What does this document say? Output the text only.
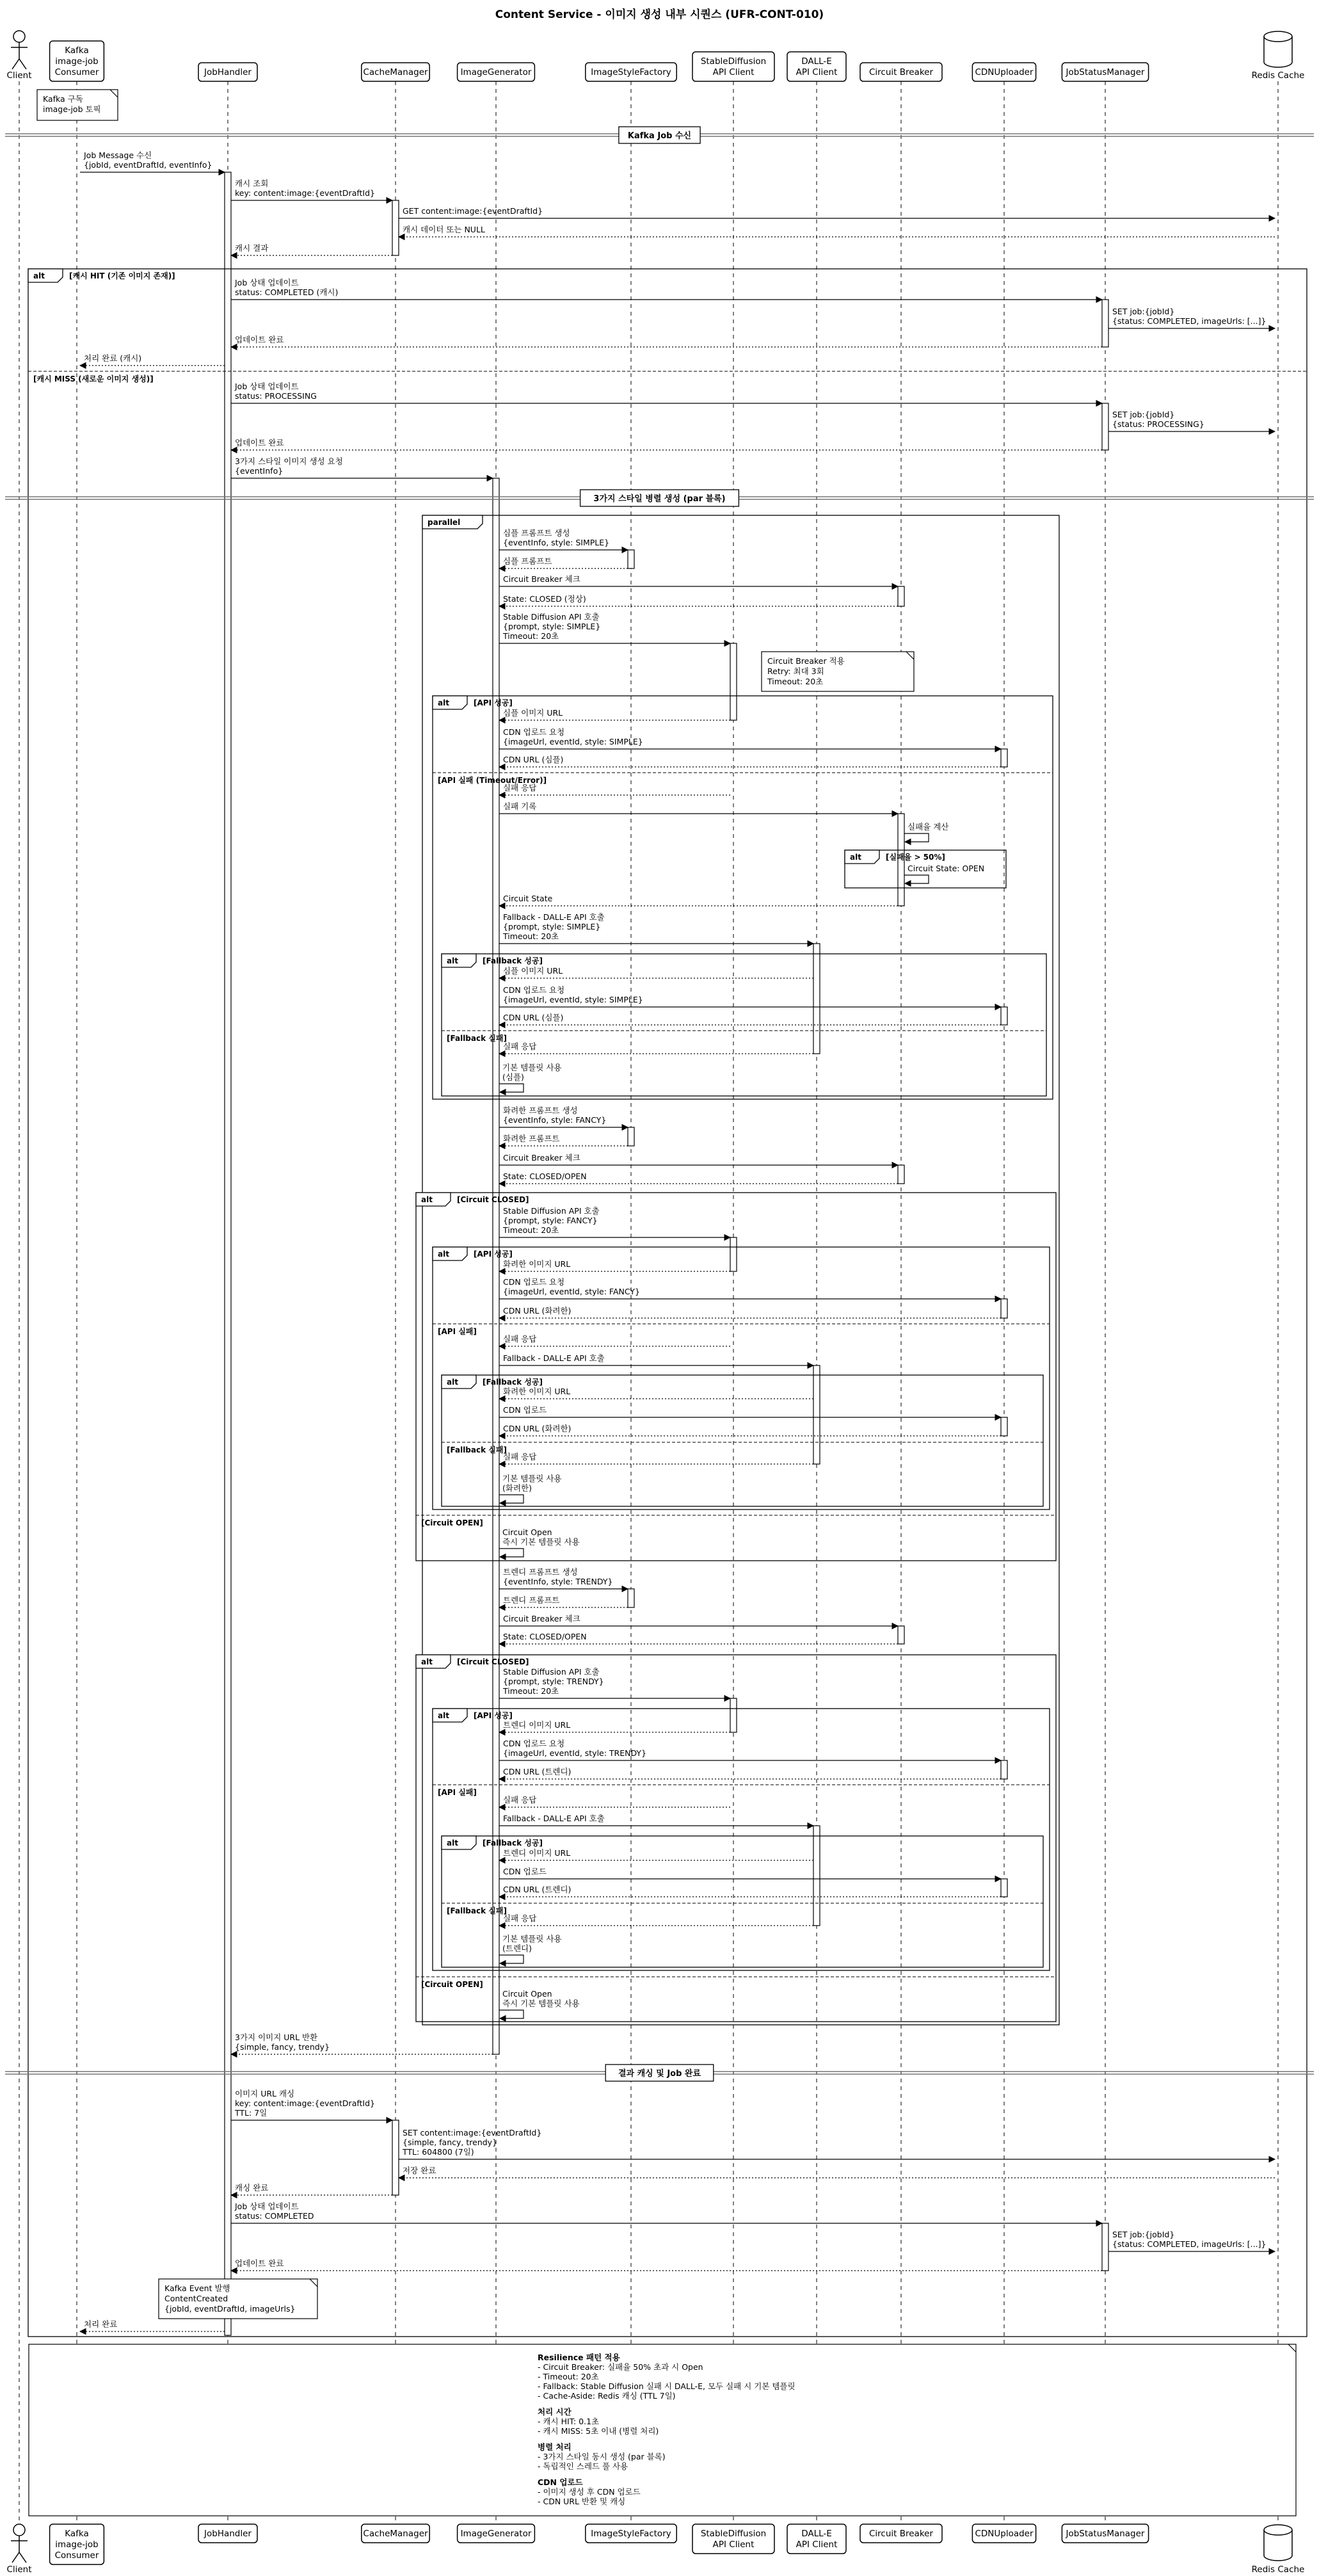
Content Service - 이미지 생성 내부 시퀀스 (UFR-CONT-010)
alt	[캐시 HIT (기존 이미지 존재)]
[캐시 MISS (새로운 이미지 생성)]
parallel
alt	[API 성공]
[API 실패 (Timeout/Error)]
alt	[실패율 > 50%]
alt	[Fallback 성공]
[Fallback 실패]
alt	[Circuit CLOSED]
[Circuit OPEN]
alt	[API 성공]
[API 실패]
alt	[Fallback 성공]
[Fallback 실패]
alt	[Circuit CLOSED]
[Circuit OPEN]
alt	[API 성공]
[API 실패]
alt	[Fallback 성공]
[Fallback 실패]
Job Message 수신
{jobId, eventDraftId, eventInfo}
캐시 조회
key: content:image:{eventDraftId}
GET content:image:{eventDraftId}
캐시 데이터 또는 NULL
캐시 결과
Job 상태 업데이트
status: COMPLETED (캐시)
SET job:{jobId}
{status: COMPLETED, imageUrls: [...]}
업데이트 완료
처리 완료 (캐시)
Job 상태 업데이트
status: PROCESSING
SET job:{jobId}
{status: PROCESSING}
업데이트 완료
3가지 스타일 이미지 생성 요청
{eventInfo}
심플 프롬프트 생성
{eventInfo, style: SIMPLE}
심플 프롬프트
Circuit Breaker 체크
State: CLOSED (정상)
Stable Diffusion API 호출
{prompt, style: SIMPLE}
Timeout: 20초
심플 이미지 URL
CDN 업로드 요청
{imageUrl, eventId, style: SIMPLE}
CDN URL (심플)
실패 응답
실패 기록
실패율 계산
Circuit State: OPEN
Circuit State
Fallback - DALL-E API 호출
{prompt, style: SIMPLE}
Timeout: 20초
심플 이미지 URL
CDN 업로드 요청
{imageUrl, eventId, style: SIMPLE}
CDN URL (심플)
실패 응답
기본 템플릿 사용
(심플)
화려한 프롬프트 생성
{eventInfo, style: FANCY}
화려한 프롬프트
Circuit Breaker 체크
State: CLOSED/OPEN
Stable Diffusion API 호출
{prompt, style: FANCY}
Timeout: 20초
화려한 이미지 URL
CDN 업로드 요청
{imageUrl, eventId, style: FANCY}
CDN URL (화려한)
실패 응답
Fallback - DALL-E API 호출
화려한 이미지 URL
CDN 업로드
CDN URL (화려한)
실패 응답
기본 템플릿 사용
(화려한)
Circuit Open
즉시 기본 템플릿 사용
트렌디 프롬프트 생성
{eventInfo, style: TRENDY}
트렌디 프롬프트
Circuit Breaker 체크
State: CLOSED/OPEN
Stable Diffusion API 호출
{prompt, style: TRENDY}
Timeout: 20초
트렌디 이미지 URL
CDN 업로드 요청
{imageUrl, eventId, style: TRENDY}
CDN URL (트렌디)
실패 응답
Fallback - DALL-E API 호출
트렌디 이미지 URL
CDN 업로드
CDN URL (트렌디)
실패 응답
기본 템플릿 사용
(트렌디)
Circuit Open
즉시 기본 템플릿 사용
3가지 이미지 URL 반환
{simple, fancy, trendy}
이미지 URL 캐싱
key: content:image:{eventDraftId}
TTL: 7일
SET content:image:{eventDraftId}
{simple, fancy, trendy}
TTL: 604800 (7일)
저장 완료
캐싱 완료
Job 상태 업데이트
status: COMPLETED
SET job:{jobId}
{status: COMPLETED, imageUrls: [...]}
업데이트 완료
처리 완료
Kafka 구독
image-job 토픽
Circuit Breaker 적용
Retry: 최대 3회
Timeout: 20초
Kafka Event 발행
ContentCreated
{jobId, eventDraftId, imageUrls}
Resilience 패턴 적용
- Circuit Breaker: 실패율 50% 초과 시 Open
- Timeout: 20초
- Fallback: Stable Diffusion 실패 시 DALL-E, 모두 실패 시 기본 템플릿
- Cache-Aside: Redis 캐싱 (TTL 7일)
처리 시간
- 캐시 HIT: 0.1초
- 캐시 MISS: 5초 이내 (병렬 처리)
병렬 처리
- 3가지 스타일 동시 생성 (par 블록)
- 독립적인 스레드 풀 사용
CDN 업로드
- 이미지 생성 후 CDN 업로드
- CDN URL 반환 및 캐싱
Kafka Job 수신
3가지 스타일 병렬 생성 (par 블록)
결과 캐싱 및 Job 완료
Client
Client
Kafka
image-job
Consumer
Kafka
image-job
Consumer
JobHandler
JobHandler
CacheManager
CacheManager
ImageGenerator
ImageGenerator
ImageStyleFactory
ImageStyleFactory
StableDiffusion
API Client
StableDiffusion
API Client
DALL-E
API Client
DALL-E
API Client
Circuit Breaker
Circuit Breaker
CDNUploader
CDNUploader
JobStatusManager
JobStatusManager
Redis Cache
Redis Cache
